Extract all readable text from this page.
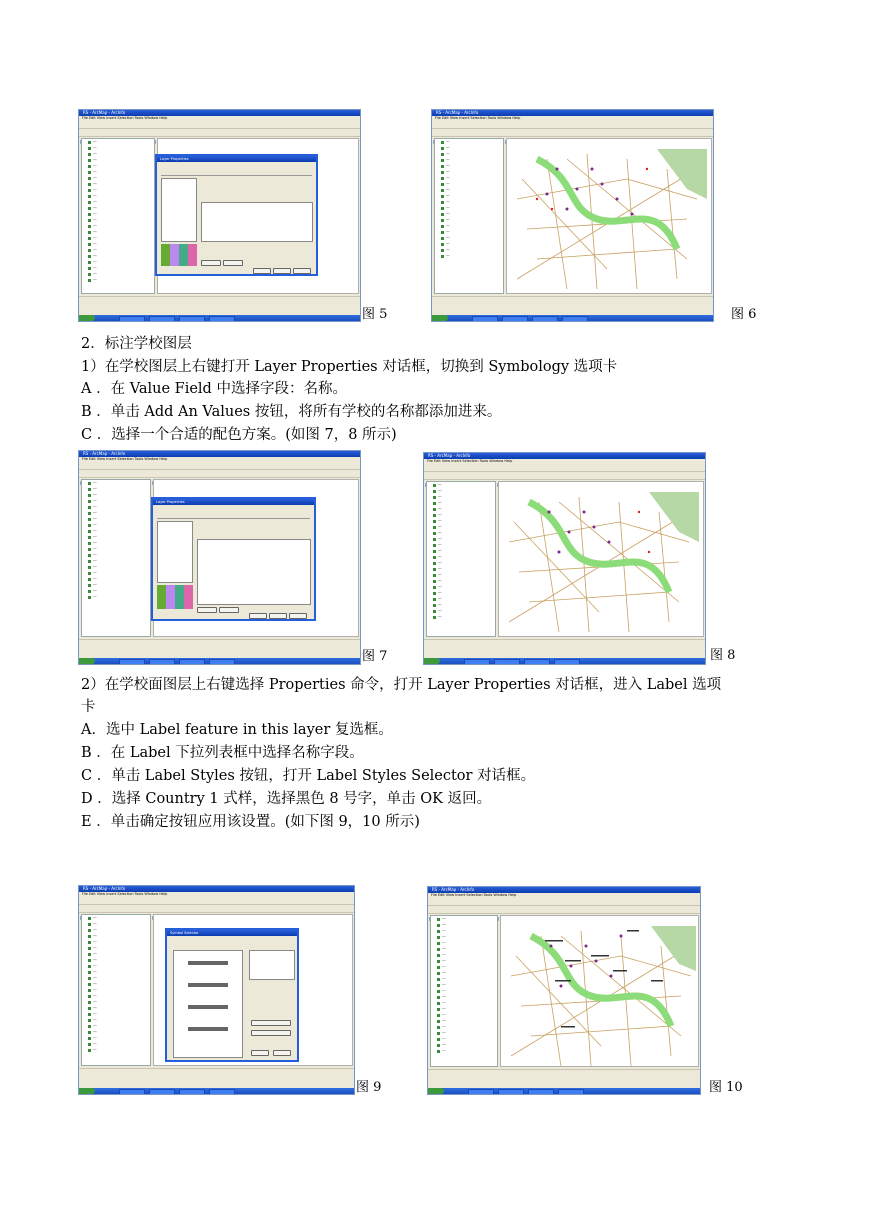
RS - ArcMap - ArcInfo
File Edit View Insert Selection Tools Window Help
──
──
──
──
──
──
──
──
──
──
──
──
──
──
──
──
──
──
──
──
──
──
──
──
Layer Properties
图 5
RS - ArcMap - ArcInfo
File Edit View Insert Selection Tools Window Help
──
──
──
──
──
──
──
──
──
──
──
──
──
──
──
──
──
──
──
──
图 6
2．标注学校图层
1）在学校图层上右键打开 Layer Properties 对话框，切换到 Symbology 选项卡
A ．在 Value Field 中选择字段：名称。
B ．单击 Add An Values 按钮，将所有学校的名称都添加进来。
C ．选择一个合适的配色方案。(如图 7，8 所示)
RS - ArcMap - ArcInfo
File Edit View Insert Selection Tools Window Help
──
──
──
──
──
──
──
──
──
──
──
──
──
──
──
──
──
──
──
──
Layer Properties
图 7
RS - ArcMap - ArcInfo
File Edit View Insert Selection Tools Window Help
──
──
──
──
──
──
──
──
──
──
──
──
──
──
──
──
──
──
──
──
──
──
──
图 8
2）在学校面图层上右键选择 Properties 命令，打开 Layer Properties 对话框，进入 Label 选项
卡
A．选中 Label feature in this layer 复选框。
B ．在 Label 下拉列表框中选择名称字段。
C ．单击 Label Styles 按钮，打开 Label Styles Selector 对话框。
D ．选择 Country 1 式样，选择黑色 8 号字，单击 OK 返回。
E ．单击确定按钮应用该设置。(如下图 9，10 所示)
RS - ArcMap - ArcInfo
File Edit View Insert Selection Tools Window Help
──
──
──
──
──
──
──
──
──
──
──
──
──
──
──
──
──
──
──
──
──
──
──
Symbol Selector
图 9
RS - ArcMap - ArcInfo
File Edit View Insert Selection Tools Window Help
──
──
──
──
──
──
──
──
──
──
──
──
──
──
──
──
──
──
──
──
──
──
──
图 10
